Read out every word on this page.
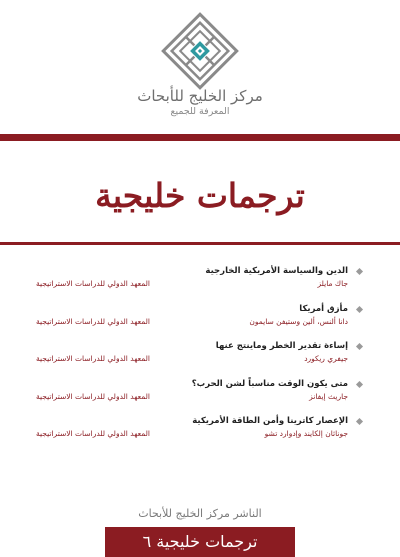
مركز الخليج للأبحاث
المعرفة للجميع
ترجمات خليجية
الدين والسياسة الأمريكية الخارجية
جاك مايلز
المعهد الدولي للدراسات الاستراتيجية
مأزق أمريكا
دانا ألنس، ألين وستيفن سايمون
المعهد الدولي للدراسات الاستراتيجية
إساءة تقدير الخطر وماينتج عنها
جيفري ريكورد
المعهد الدولي للدراسات الاستراتيجية
متى يكون الوقت مناسباً لشن الحرب؟
جاريث إيفانز
المعهد الدولي للدراسات الاستراتيجية
الإعصار كاترينا وأمن الطاقة الأمريكية
جوناثان إلكايند وإدوارد تشو
المعهد الدولي للدراسات الاستراتيجية
الناشر مركز الخليج للأبحاث
ترجمات خليجية ٦
